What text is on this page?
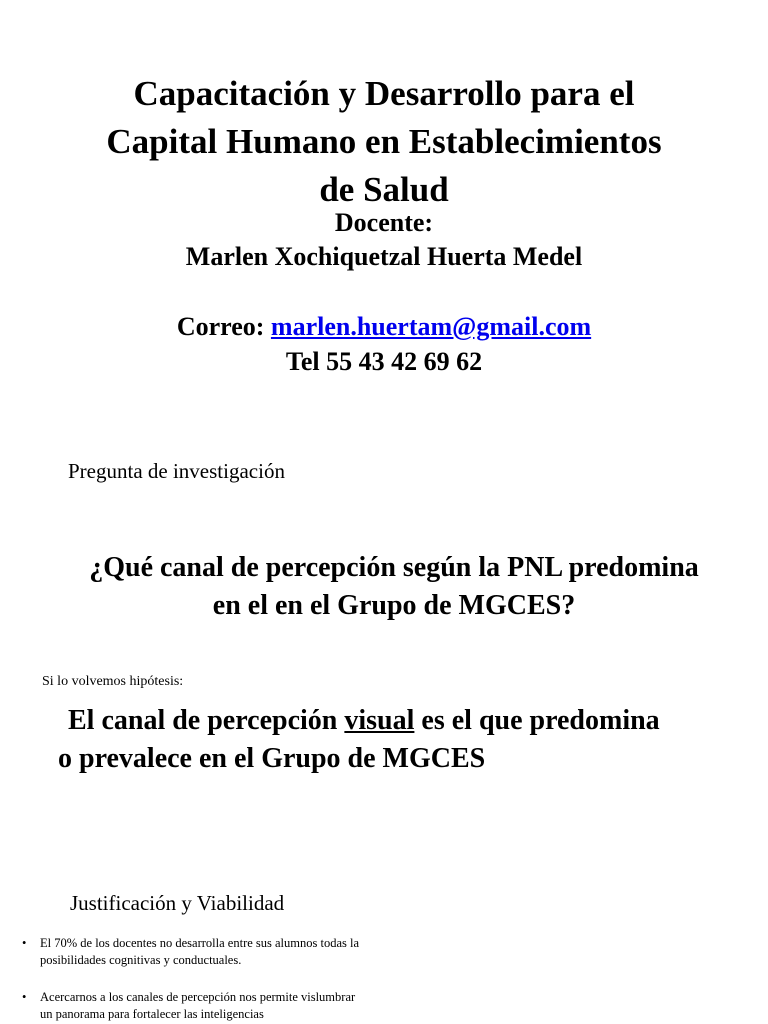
Capacitación y Desarrollo para el
Capital Humano en Establecimientos
de Salud
Docente:
Marlen Xochiquetzal Huerta Medel
Correo: marlen.huertam@gmail.com
Tel 55 43 42 69 62
Pregunta de investigación
¿Qué canal de percepción según la PNL predomina
en el en el Grupo de MGCES?
Si lo volvemos hipótesis:
El canal de percepción visual es el que predomina
o prevalece en el Grupo de MGCES
Justificación y Viabilidad
• El 70% de los docentes no desarrolla entre sus alumnos todas la posibilidades cognitivas y conductuales.
• Acercarnos a los canales de percepción nos permite vislumbrar un panorama para fortalecer las inteligencias
